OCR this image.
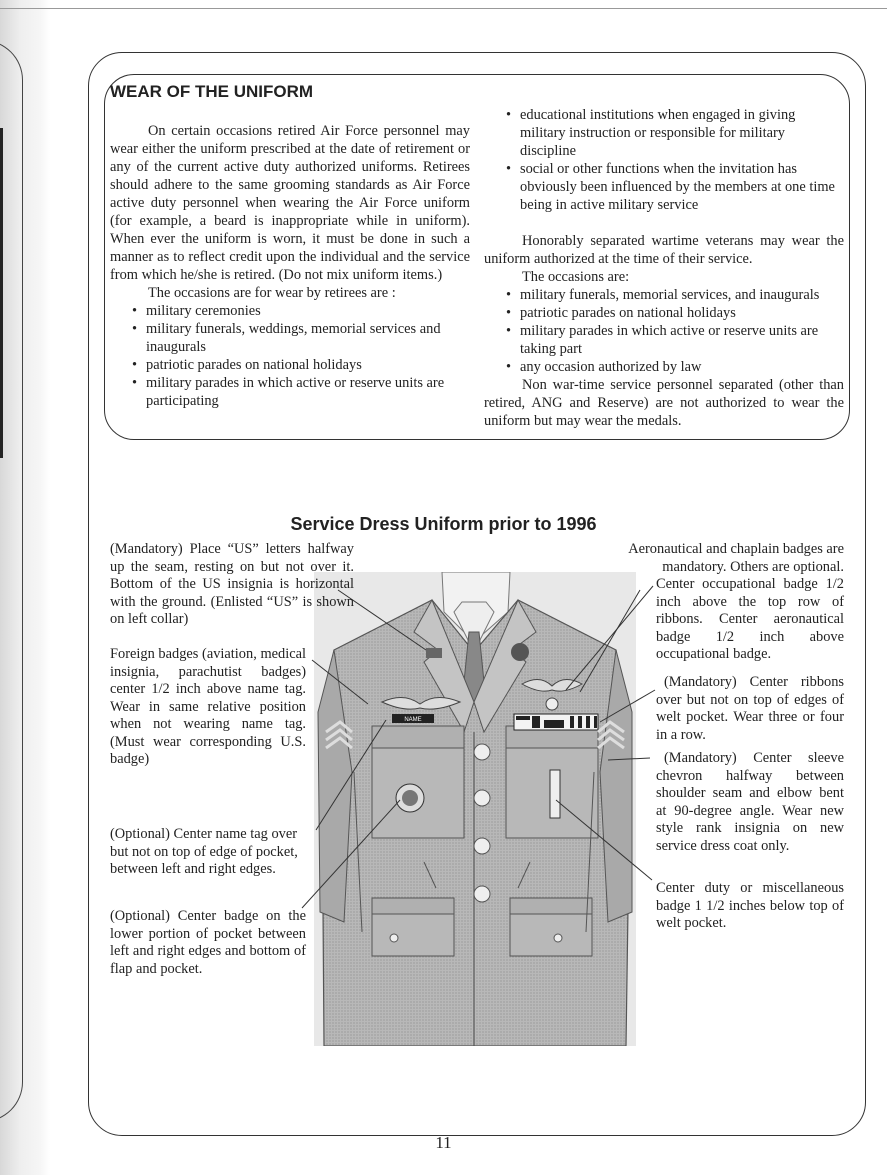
WEAR OF THE UNIFORM

On certain occasions retired Air Force personnel may wear either the uniform prescribed at the date of retirement or any of the current active duty authorized uniforms. Retirees should adhere to the same grooming standards as Air Force active duty personnel when wearing the Air Force uniform (for example, a beard is inappropriate while in uniform). When ever the uniform is worn, it must be done in such a manner as to reflect credit upon the individual and the service from which he/she is retired. (Do not mix uniform items.)

The occasions are for wear by retirees are :

• military ceremonies
• military funerals, weddings, memorial services and inaugurals
• patriotic parades on national holidays
• military parades in which active or reserve units are participating
• educational institutions when engaged in giving military instruction or responsible for military discipline
• social or other functions when the invitation has obviously been influenced by the members at one time being in active military service

Honorably separated wartime veterans may wear the uniform authorized at the time of their service.

The occasions are:

• military funerals, memorial services, and inaugurals
• patriotic parades on national holidays
• military parades in which active or reserve units are taking part
• any occasion authorized by law

Non war-time service personnel separated (other than retired, ANG and Reserve) are not authorized to wear the uniform but may wear the medals.

Service Dress Uniform prior to 1996
NAME
(Mandatory) Place “US” letters halfway up the seam, resting on but not over it. Bottom of the US insignia is horizontal with the ground. (Enlisted “US” is shown on left collar)
Foreign badges (aviation, medical insignia, parachutist badges) center 1/2 inch above name tag. Wear in same relative position when not wearing name tag. (Must wear corresponding U.S. badge)
(Optional) Center name tag over but not on top of edge of pocket, between left and right edges.
(Optional) Center badge on the lower portion of pocket between left and right edges and bottom of flap and pocket.
Aeronautical and chaplain badges are mandatory. Others are optional.
Center occupational badge 1/2 inch above the top row of ribbons. Center aeronautical badge 1/2 inch above occupational badge.
(Mandatory) Center ribbons over but not on top of edges of welt pocket. Wear three or four in a row.
(Mandatory) Center sleeve chevron halfway between shoulder seam and elbow bent at 90-degree angle. Wear new style rank insignia on new service dress coat only.
Center duty or miscellaneous badge 1 1/2 inches below top of welt pocket.
11
